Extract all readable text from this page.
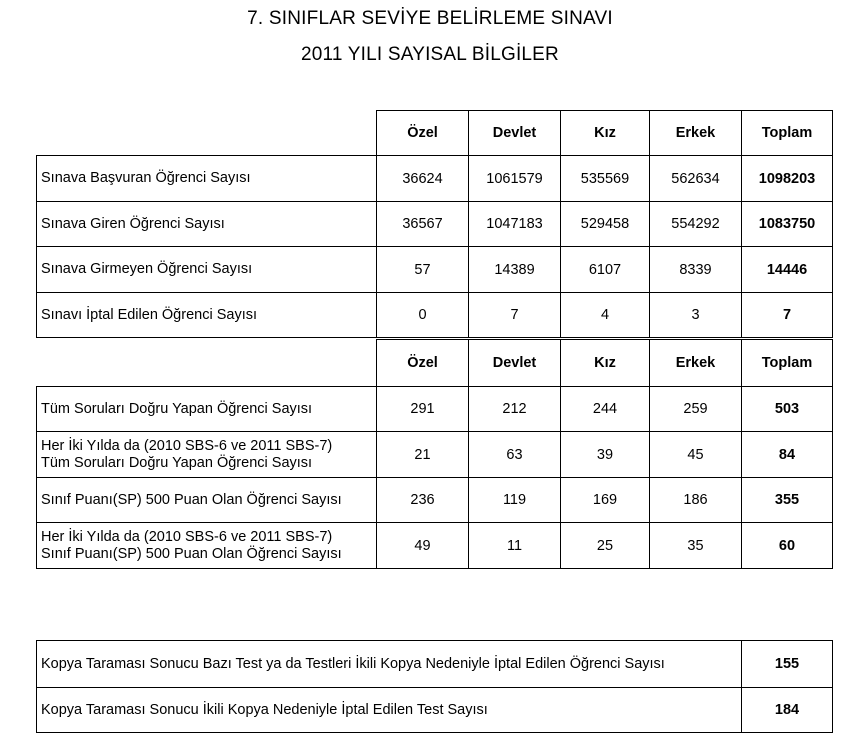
7. SINIFLAR SEVİYE BELİRLEME SINAVI
2011 YILI SAYISAL BİLGİLER
	Özel	Devlet	Kız	Erkek	Toplam
Sınava Başvuran Öğrenci Sayısı	36624	1061579	535569	562634	1098203
Sınava Giren Öğrenci Sayısı	36567	1047183	529458	554292	1083750
Sınava Girmeyen Öğrenci Sayısı	57	14389	6107	8339	14446
Sınavı İptal Edilen Öğrenci Sayısı	0	7	4	3	7
	Özel	Devlet	Kız	Erkek	Toplam
Tüm Soruları Doğru Yapan Öğrenci Sayısı	291	212	244	259	503
Her İki Yılda da (2010 SBS-6 ve 2011 SBS-7)
Tüm Soruları Doğru Yapan Öğrenci Sayısı	21	63	39	45	84
Sınıf Puanı(SP) 500 Puan Olan Öğrenci Sayısı	236	119	169	186	355
Her İki Yılda da (2010 SBS-6 ve 2011 SBS-7)
Sınıf Puanı(SP) 500 Puan Olan Öğrenci Sayısı	49	11	25	35	60
Kopya Taraması Sonucu Bazı Test ya da Testleri İkili Kopya Nedeniyle İptal Edilen Öğrenci Sayısı	155
Kopya Taraması Sonucu İkili Kopya Nedeniyle İptal Edilen Test Sayısı	184
